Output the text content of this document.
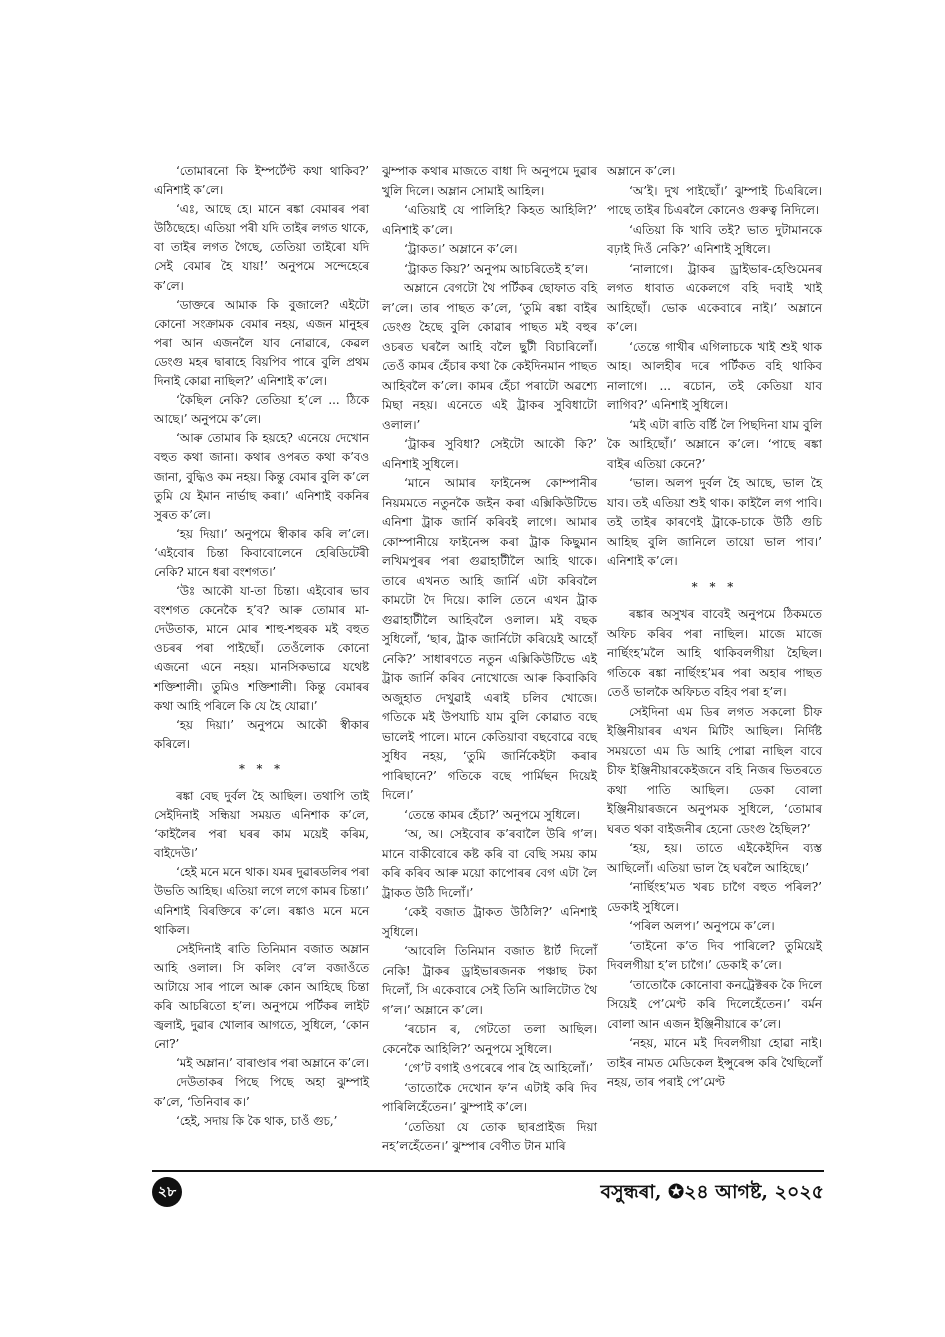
‘তোমাৰনো কি ইম্পৰ্টেণ্ট কথা থাকিব?’ এনিশাই ক’লে।

‘এঃ, আছে হে। মানে ৰঙ্কা বেমাৰৰ পৰা উঠিছেহে। এতিয়া পৰী যদি তাইৰ লগত থাকে, বা তাইৰ লগত গৈছে, তেতিয়া তাইৰো যদি সেই বেমাৰ হৈ যায়!’ অনুপমে সন্দেহেৰে ক’লে।

‘ডাক্তৰে আমাক কি বুজালে? এইটো কোনো সংক্ৰামক বেমাৰ নহয়, এজন মানুহৰ পৰা আন এজনলৈ যাব নোৱাৰে, কেৱল ডেংগু মহৰ দ্বাৰাহে বিয়পিব পাৰে বুলি প্ৰথম দিনাই কোৱা নাছিল?’ এনিশাই ক’লে।

‘কৈছিল নেকি? তেতিয়া হ’লে ... ঠিকে আছে।’ অনুপমে ক’লে।

‘আৰু তোমাৰ কি হয়হে? এনেয়ে দেখোন বহুত কথা জানা। কথাৰ ওপৰত কথা ক’বও জানা, বুদ্ধিও কম নহয়। কিন্তু বেমাৰ বুলি ক’লে তুমি যে ইমান নাৰ্ভাছ কৰা।’ এনিশাই বকনিৰ সুৰত ক’লে।

‘হয় দিয়া।’ অনুপমে স্বীকাৰ কৰি ল’লে। ‘এইবোৰ চিন্তা কিবাবোলেনে হেৰিডিটেৰী নেকি? মানে ধৰা বংশগত।’

‘উঃ আকৌ যা-তা চিন্তা। এইবোৰ ভাব বংশগত কেনেকৈ হ’ব? আৰু তোমাৰ মা-দেউতাক, মানে মোৰ শাহু-শহুৰক মই বহুত ওচৰৰ পৰা পাইছোঁ। তেওঁলোক কোনো এজনো এনে নহয়। মানসিকভাৱে যথেষ্ট শক্তিশালী। তুমিও শক্তিশালী। কিন্তু বেমাৰৰ কথা আহি পৰিলে কি যে হৈ যোৱা।’

‘হয় দিয়া।’ অনুপমে আকৌ স্বীকাৰ কৰিলে।

* * *

ৰঙ্কা বেছ দুৰ্বল হৈ আছিল। তথাপি তাই সেইদিনাই সন্ধিয়া সময়ত এনিশাক ক’লে, ‘কাইলৈৰ পৰা ঘৰৰ কাম ময়েই কৰিম, বাইদেউ।’

‘হেই মনে মনে থাক। যমৰ দুৱাৰডলিৰ পৰা উভতি আহিছ। এতিয়া লগে লগে কামৰ চিন্তা।’ এনিশাই বিৰক্তিৰে ক’লে। ৰঙ্কাও মনে মনে থাকিল।

সেইদিনাই ৰাতি তিনিমান বজাত অম্লান আহি ওলাল। সি কলিং বে’ল বজাওঁতে আটায়ে সাৰ পালে আৰু কোন আহিছে চিন্তা কৰি আচৰিতো হ’ল। অনুপমে পৰ্টিকৰ লাইট জ্বলাই, দুৱাৰ খোলাৰ আগতে, সুধিলে, ‘কোন নো?’

‘মই অম্লান।’ বাৰাণ্ডাৰ পৰা অম্লানে ক’লে।

দেউতাকৰ পিছে পিছে অহা ঝুম্পাই ক’লে, ‘তিনিবাৰ ক।’

‘হেই, সদায় কি কৈ থাক, চাওঁ গুচ,’

ঝুম্পাক কথাৰ মাজতে বাধা দি অনুপমে দুৱাৰ খুলি দিলে। অম্লান সোমাই আহিল।

‘এতিয়াই যে পালিহি? কিহত আহিলি?’ এনিশাই ক’লে।

‘ট্ৰাকত।’ অম্লানে ক’লে।

‘ট্ৰাকত কিয়?’ অনুপম আচৰিতেই হ’ল।

অম্লানে বেগটো থৈ পৰ্টিকৰ ছোফাত বহি ল’লে। তাৰ পাছত ক’লে, ‘তুমি ৰঙ্কা বাইৰ ডেংগু হৈছে বুলি কোৱাৰ পাছত মই বহুৰ ওচৰত ঘৰলৈ আহি বলৈ ছুটী বিচাৰিলোঁ। তেওঁ কামৰ হেঁচাৰ কথা কৈ কেইদিনমান পাছত আহিবলৈ ক’লে। কামৰ হেঁচা পৰাটো অৱশ্যে মিছা নহয়। এনেতে এই ট্ৰাকৰ সুবিধাটো ওলাল।’

‘ট্ৰাকৰ সুবিধা? সেইটো আকৌ কি?’ এনিশাই সুধিলে।

‘মানে আমাৰ ফাইনেন্স কোম্পানীৰ নিয়মমতে নতুনকৈ জইন কৰা এক্সিকিউটিভে এনিশা ট্ৰাক জাৰ্নি কৰিবই লাগে। আমাৰ কোম্পানীয়ে ফাইনেন্স কৰা ট্ৰাক কিছুমান লখিমপুৰৰ পৰা গুৱাহাটীলৈ আহি থাকে। তাৰে এখনত আহি জাৰ্নি এটা কৰিবলৈ কামটো দৈ দিয়ে। কালি তেনে এখন ট্ৰাক গুৱাহাটীলৈ আহিবলৈ ওলাল। মই বছক সুধিলোঁ, ‘ছাৰ, ট্ৰাক জাৰ্নিটো কৰিয়েই আহোঁ নেকি?’ সাধাৰণতে নতুন এক্সিকিউটিভে এই ট্ৰাক জাৰ্নি কৰিব নোখোজে আৰু কিবাকিবি অজুহাত দেখুৱাই এৰাই চলিব খোজে। গতিকে মই উপযাচি যাম বুলি কোৱাত বছে ভালেই পালে। মানে কেতিয়াবা বছবোৱে বছে সুধিব নহয়, ‘তুমি জাৰ্নিকেইটা কৰাৰ পাৰিছানে?’ গতিকে বছে পাৰ্মিছন দিয়েই দিলে।’

‘তেন্তে কামৰ হেঁচা?’ অনুপমে সুধিলে।

‘অ, অ। সেইবোৰ ক’ৰবালৈ উৰি গ’ল। মানে বাকীবোৰে কষ্ট কৰি বা বেছি সময় কাম কৰি কৰিব আৰু ময়ো কাপোৰৰ বেগ এটা লৈ ট্ৰাকত উঠি দিলোঁ।’

‘কেই বজাত ট্ৰাকত উঠিলি?’ এনিশাই সুধিলে।

‘আবেলি তিনিমান বজাত ষ্টাৰ্ট দিলোঁ নেকি! ট্ৰাকৰ ড্ৰাইভাৰজনক পঞ্চাছ টকা দিলোঁ, সি একেবাৰে সেই তিনি আলিটোত থৈ গ’ল।’ অম্লানে ক’লে।

‘ৰচোন ৰ, গেটতো তলা আছিল। কেনেকৈ আহিলি?’ অনুপমে সুধিলে।

‘গে’ট বগাই ওপৰেৰে পাৰ হৈ আহিলোঁ।’

‘তাতোকৈ দেখোন ফ’ন এটাই কৰি দিব পাৰিলিহেঁতেন।’ ঝুম্পাই ক’লে।

‘তেতিয়া যে তোক ছাৰপ্ৰাইজ দিয়া নহ’লহেঁতেন।’ ঝুম্পাৰ বেণীত টান মাৰি

অম্লানে ক’লে।

‘অ’ই। দুখ পাইছোঁ।’ ঝুম্পাই চিএৰিলে। পাছে তাইৰ চিএৰলৈ কোনেও গুৰুত্ব নিদিলে।

‘এতিয়া কি খাবি তই? ভাত দুটামানকে বঢ়াই দিওঁ নেকি?’ এনিশাই সুধিলে।

‘নালাগে। ট্ৰাকৰ ড্ৰাইভাৰ-হেণ্ডিমেনৰ লগত ধাবাত একেলগে বহি দবাই খাই আহিছোঁ। ভোক একেবাৰে নাই।’ অম্লানে ক’লে।

‘তেন্তে গাখীৰ এগিলাচকে খাই শুই থাক আহ। আলহীৰ দৰে পৰ্টিকত বহি থাকিব নালাগে। ... ৰচোন, তই কেতিয়া যাব লাগিব?’ এনিশাই সুধিলে।

‘মই এটা ৰাতি বৰ্ষ্টি লৈ পিছদিনা যাম বুলি কৈ আহিছোঁ।’ অম্লানে ক’লে। ‘পাছে ৰঙ্কা বাইৰ এতিয়া কেনে?’

‘ভাল। অলপ দুৰ্বল হৈ আছে, ভাল হৈ যাব। তই এতিয়া শুই থাক। কাইলৈ লগ পাবি। তই তাইৰ কাৰণেই ট্ৰাকে-চাকে উঠি গুচি আহিছ বুলি জানিলে তায়ো ভাল পাব।’ এনিশাই ক’লে।

* * *

ৰঙ্কাৰ অসুখৰ বাবেই অনুপমে ঠিকমতে অফিচ কৰিব পৰা নাছিল। মাজে মাজে নাৰ্ছিংহ’মলৈ আহি থাকিবলগীয়া হৈছিল। গতিকে ৰঙ্কা নাৰ্ছিংহ’মৰ পৰা অহাৰ পাছত তেওঁ ভালকৈ অফিচত বহিব পৰা হ’ল।

সেইদিনা এম ডিৰ লগত সকলো চীফ ইঞ্জিনীয়াৰৰ এখন মিটিং আছিল। নিৰ্দিষ্ট সময়তো এম ডি আহি পোৱা নাছিল বাবে চীফ ইঞ্জিনীয়াৰকেইজনে বহি নিজৰ ভিতৰতে কথা পাতি আছিল। ডেকা বোলা ইঞ্জিনীয়াৰজনে অনুপমক সুধিলে, ‘তোমাৰ ঘৰত থকা বাইজনীৰ হেনো ডেংগু হৈছিল?’

‘হয়, হয়। তাতে এইকেইদিন ব্যস্ত আছিলোঁ। এতিয়া ভাল হৈ ঘৰলৈ আহিছে।’

‘নাৰ্ছিংহ’মত খৰচ চাগৈ বহুত পৰিল?’ ডেকাই সুধিলে।

‘পৰিল অলপ।’ অনুপমে ক’লে।

‘তাইনো ক’ত দিব পাৰিলে? তুমিয়েই দিবলগীয়া হ’ল চাগৈ।’ ডেকাই ক’লে।

‘তাতোকৈ কোনোবা কনট্ৰেক্টৰক কৈ দিলে সিয়েই পে’মেণ্ট কৰি দিলেহেঁতেন।’ বৰ্মন বোলা আন এজন ইঞ্জিনীয়াৰে ক’লে।

‘নহয়, মানে মই দিবলগীয়া হোৱা নাই। তাইৰ নামত মেডিকেল ইন্সুৰেন্স কৰি থৈছিলোঁ নহয়, তাৰ পৰাই পে’মেণ্ট

২৮	বসুন্ধৰা, ✪২৪ আগষ্ট, ২০২৫
